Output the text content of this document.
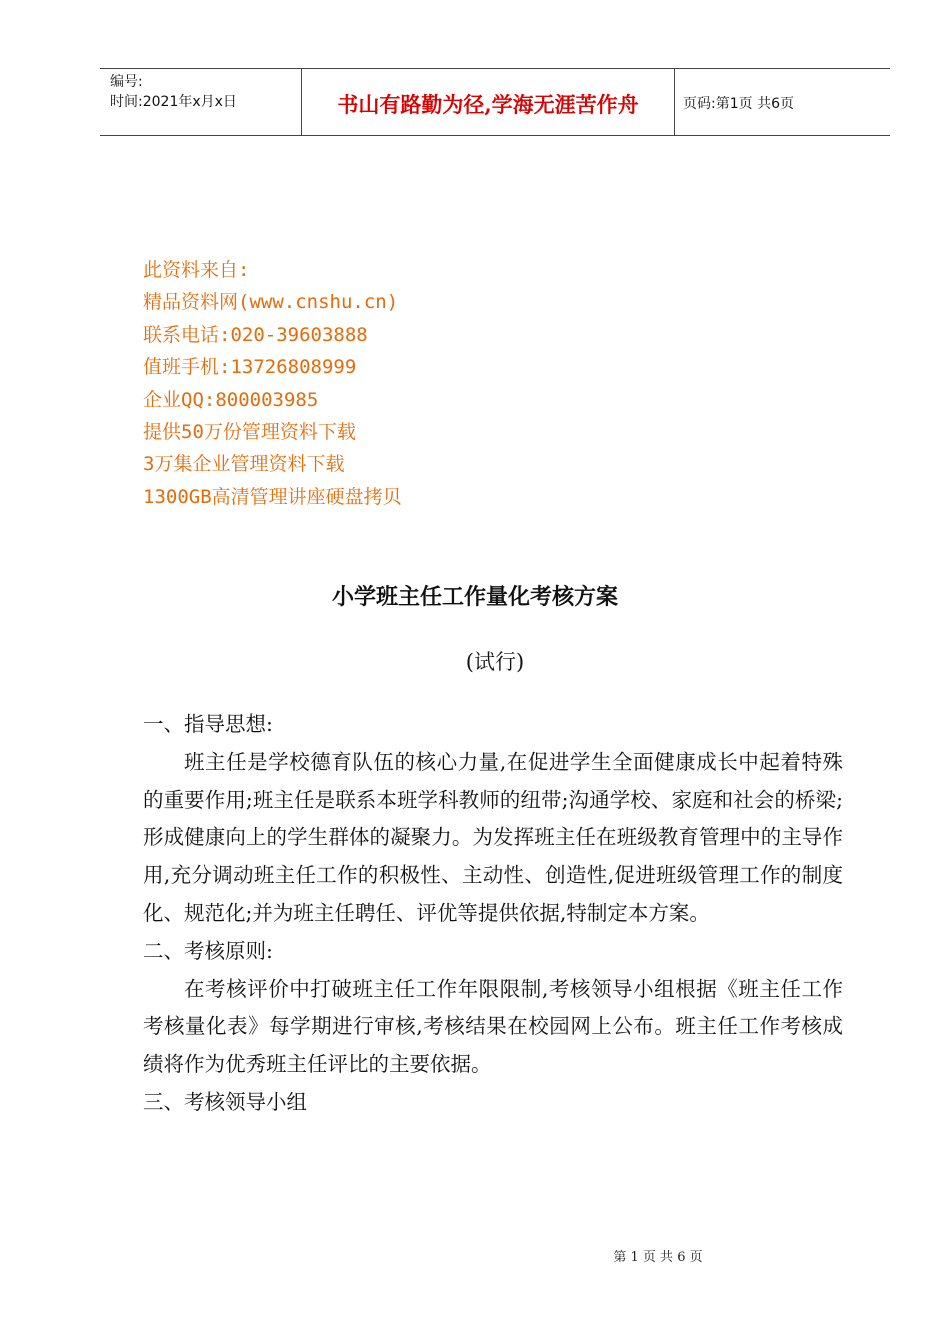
编号:
时间:2021年x月x日	书山有路勤为径,学海无涯苦作舟	页码:第1页 共6页
此资料来自:
精品资料网(www.cnshu.cn)
联系电话:020-39603888
值班手机:13726808999
企业QQ:800003985
提供50万份管理资料下载
3万集企业管理资料下载
1300GB高清管理讲座硬盘拷贝
小学班主任工作量化考核方案
(试行)

一、指导思想:

班主任是学校德育队伍的核心力量,在促进学生全面健康成长中起着特殊的重要作用;班主任是联系本班学科教师的纽带;沟通学校、家庭和社会的桥梁;形成健康向上的学生群体的凝聚力。为发挥班主任在班级教育管理中的主导作用,充分调动班主任工作的积极性、主动性、创造性,促进班级管理工作的制度化、规范化;并为班主任聘任、评优等提供依据,特制定本方案。

二、考核原则:

在考核评价中打破班主任工作年限限制,考核领导小组根据《班主任工作考核量化表》每学期进行审核,考核结果在校园网上公布。班主任工作考核成绩将作为优秀班主任评比的主要依据。

三、考核领导小组

第 1 页 共 6 页
